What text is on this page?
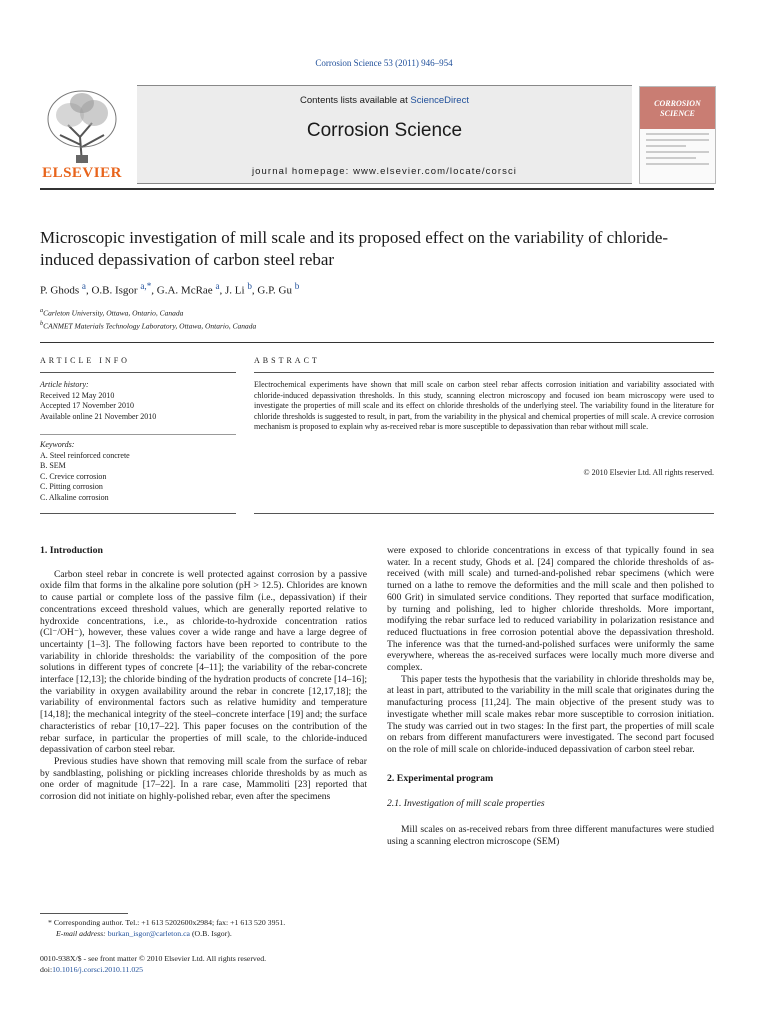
Corrosion Science 53 (2011) 946–954
ELSEVIER
Contents lists available at ScienceDirect
Corrosion Science
journal homepage: www.elsevier.com/locate/corsci
CORROSION SCIENCE
Microscopic investigation of mill scale and its proposed effect on the variability of chloride-induced depassivation of carbon steel rebar
P. Ghods $^a$, O.B. Isgor $^{a,*}$, G.A. McRae $^a$, J. Li $^b$, G.P. Gu $^b$
$^a$Carleton University, Ottawa, Ontario, Canada
$^b$CANMET Materials Technology Laboratory, Ottawa, Ontario, Canada
ARTICLE INFO	ABSTRACT
Article history:
Received 12 May 2010
Accepted 17 November 2010
Available online 21 November 2010
Keywords:
A. Steel reinforced concrete
B. SEM
C. Crevice corrosion
C. Pitting corrosion
C. Alkaline corrosion
Electrochemical experiments have shown that mill scale on carbon steel rebar affects corrosion initiation and variability associated with chloride-induced depassivation thresholds. In this study, scanning electron microscopy and focused ion beam microscopy were used to investigate the properties of mill scale and its effect on chloride thresholds of the underlying steel. The variability found in the literature for chloride thresholds is suggested to result, in part, from the variability in the physical and chemical properties of mill scale. A crevice corrosion mechanism is proposed to explain why as-received rebar is more susceptible to depassivation than rebar without mill scale.
© 2010 Elsevier Ltd. All rights reserved.
1. Introduction

Carbon steel rebar in concrete is well protected against corrosion by a passive oxide film that forms in the alkaline pore solution (pH > 12.5). Chlorides are known to cause partial or complete loss of the passive film (i.e., depassivation) if their concentrations exceed threshold values, which are generally reported relative to hydroxide concentrations, i.e., as chloride-to-hydroxide concentration ratios (Cl⁻/OH⁻), however, these values cover a wide range and have a large degree of uncertainty [1–3]. The following factors have been reported to contribute to the variability in chloride thresholds: the variability of the composition of the pore solutions in different types of concrete [4–11]; the variability of the rebar-concrete interface [12,13]; the chloride binding of the hydration products of concrete [14–16]; the variability in oxygen availability around the rebar in concrete [12,17,18]; the variability of environmental factors such as relative humidity and temperature [14,18]; the mechanical integrity of the steel–concrete interface [19] and; the surface characteristics of rebar [10,17–22]. This paper focuses on the contribution of the rebar surface, in particular the properties of mill scale, to the chloride-induced depassivation of carbon steel rebar.

Previous studies have shown that removing mill scale from the surface of rebar by sandblasting, polishing or pickling increases chloride thresholds by as much as one order of magnitude [17–22]. In a rare case, Mammoliti [23] reported that corrosion did not initiate on highly-polished rebar, even after the specimens

were exposed to chloride concentrations in excess of that typically found in sea water. In a recent study, Ghods et al. [24] compared the chloride thresholds of as-received (with mill scale) and turned-and-polished rebar specimens (which were turned on a lathe to remove the deformities and the mill scale and then polished to 600 Grit) in simulated service conditions. They reported that surface modification, by turning and polishing, led to higher chloride thresholds. More important, modifying the rebar surface led to reduced variability in polarization resistance and reduced fluctuations in free corrosion potential above the depassivation threshold. The inference was that the turned-and-polished surfaces were uniformly the same everywhere, whereas the as-received surfaces were locally much more diverse and complex.

This paper tests the hypothesis that the variability in chloride thresholds may be, at least in part, attributed to the variability in the mill scale that originates during the manufacturing process [11,24]. The main objective of the present study was to investigate whether mill scale makes rebar more susceptible to corrosion initiation. The study was carried out in two stages: In the first part, the properties of mill scale on rebars from different manufacturers were investigated. The second part focused on the role of mill scale on chloride-induced depassivation of carbon steel rebar.

2. Experimental program
2.1. Investigation of mill scale properties

Mill scales on as-received rebars from three different manufactures were studied using a scanning electron microscope (SEM)

* Corresponding author. Tel.: +1 613 5202600x2984; fax: +1 613 520 3951.
E-mail address: burkan_isgor@carleton.ca (O.B. Isgor).
0010-938X/$ - see front matter © 2010 Elsevier Ltd. All rights reserved.
doi:10.1016/j.corsci.2010.11.025
